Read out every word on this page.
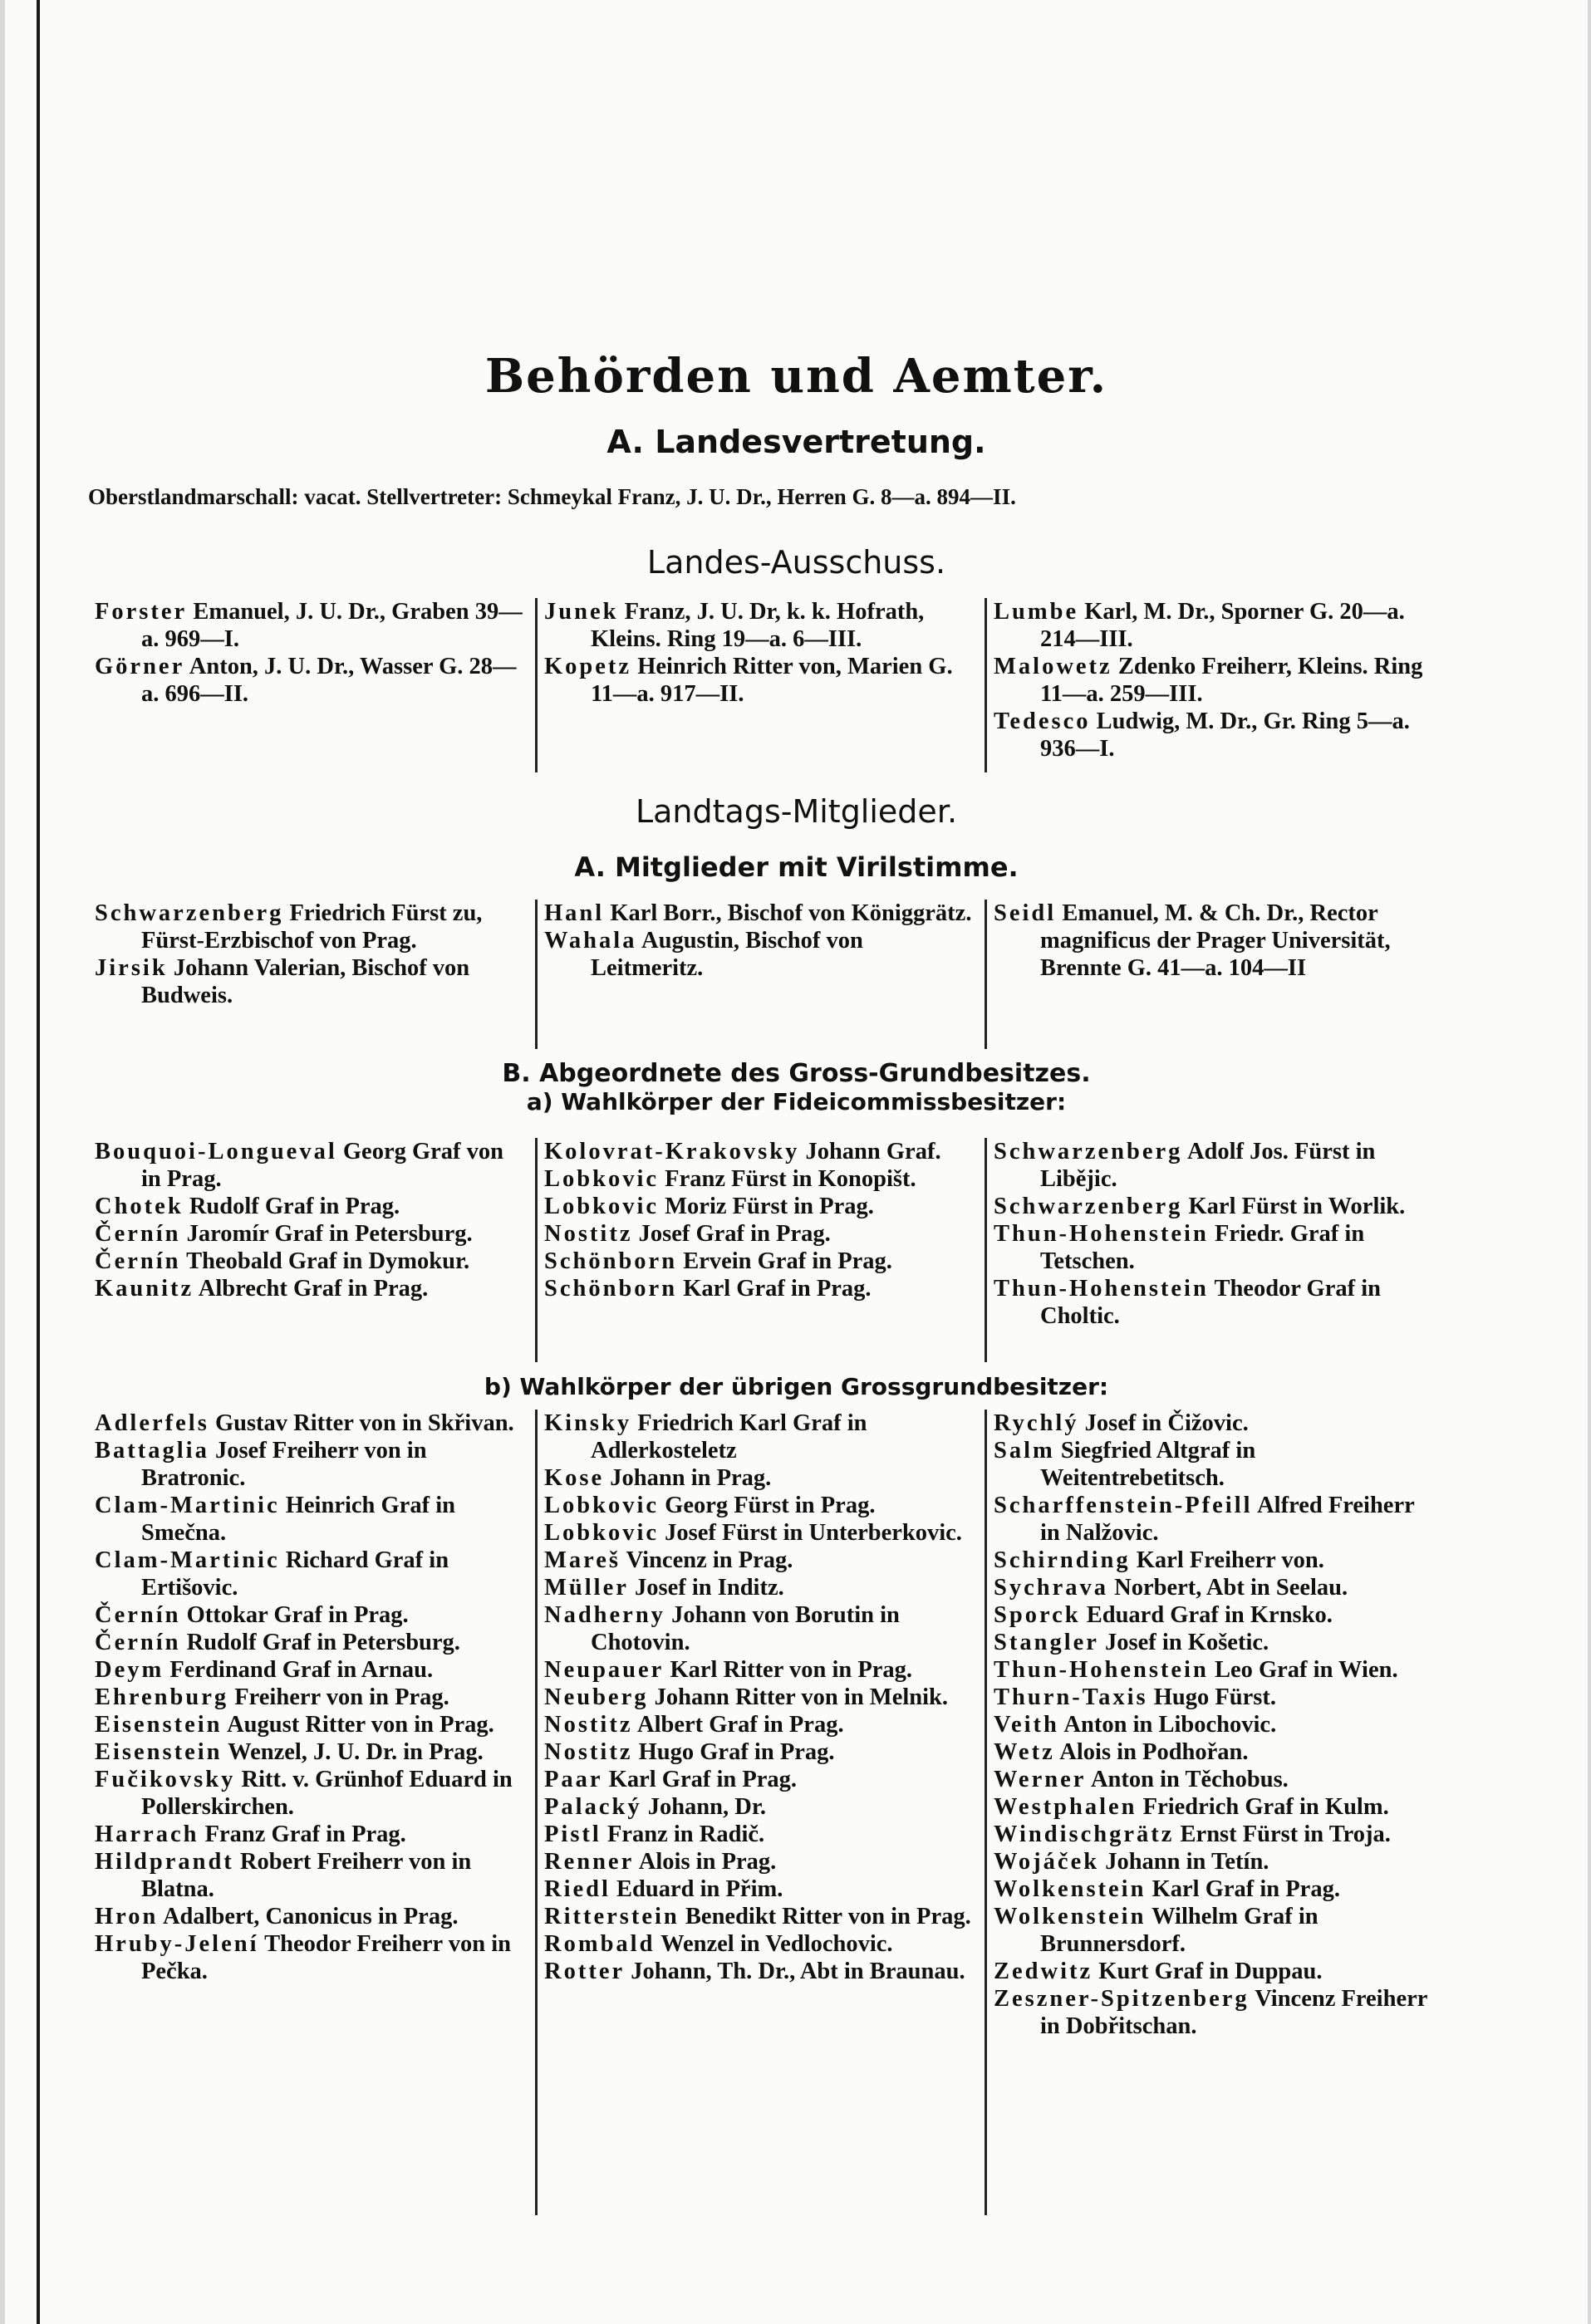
Behörden und Aemter.
A. Landesvertretung.
Oberstlandmarschall: vacat. Stellvertreter: Schmeykal Franz, J. U. Dr., Herren G. 8—a. 894—II.
Landes-Ausschuss.
Forster Emanuel, J. U. Dr., Graben 39—a. 969—I.
Görner Anton, J. U. Dr., Wasser G. 28—a. 696—II.
Junek Franz, J. U. Dr, k. k. Hofrath, Kleins. Ring 19—a. 6—III.
Kopetz Heinrich Ritter von, Marien G. 11—a. 917—II.
Lumbe Karl, M. Dr., Sporner G. 20—a. 214—III.
Malowetz Zdenko Freiherr, Kleins. Ring 11—a. 259—III.
Tedesco Ludwig, M. Dr., Gr. Ring 5—a. 936—I.
Landtags-Mitglieder.
A. Mitglieder mit Virilstimme.
Schwarzenberg Friedrich Fürst zu, Fürst-Erzbischof von Prag.
Jirsik Johann Valerian, Bischof von Budweis.
Hanl Karl Borr., Bischof von Königgrätz.
Wahala Augustin, Bischof von Leitmeritz.
Seidl Emanuel, M. & Ch. Dr., Rector magnificus der Prager Universität, Brennte G. 41—a. 104—II
B. Abgeordnete des Gross-Grundbesitzes.
a) Wahlkörper der Fideicommissbesitzer:
Bouquoi-Longueval Georg Graf von in Prag.
Chotek Rudolf Graf in Prag.
Černín Jaromír Graf in Petersburg.
Černín Theobald Graf in Dymokur.
Kaunitz Albrecht Graf in Prag.
Kolovrat-Krakovsky Johann Graf.
Lobkovic Franz Fürst in Konopišt.
Lobkovic Moriz Fürst in Prag.
Nostitz Josef Graf in Prag.
Schönborn Ervein Graf in Prag.
Schönborn Karl Graf in Prag.
Schwarzenberg Adolf Jos. Fürst in Libějic.
Schwarzenberg Karl Fürst in Worlik.
Thun-Hohenstein Friedr. Graf in Tetschen.
Thun-Hohenstein Theodor Graf in Choltic.
b) Wahlkörper der übrigen Grossgrundbesitzer:
Adlerfels Gustav Ritter von in Skřivan.
Battaglia Josef Freiherr von in Bratronic.
Clam-Martinic Heinrich Graf in Smečna.
Clam-Martinic Richard Graf in Ertišovic.
Černín Ottokar Graf in Prag.
Černín Rudolf Graf in Petersburg.
Deym Ferdinand Graf in Arnau.
Ehrenburg Freiherr von in Prag.
Eisenstein August Ritter von in Prag.
Eisenstein Wenzel, J. U. Dr. in Prag.
Fučikovsky Ritt. v. Grünhof Eduard in Pollerskirchen.
Harrach Franz Graf in Prag.
Hildprandt Robert Freiherr von in Blatna.
Hron Adalbert, Canonicus in Prag.
Hruby-Jelení Theodor Freiherr von in Pečka.
Kinsky Friedrich Karl Graf in Adlerkosteletz
Kose Johann in Prag.
Lobkovic Georg Fürst in Prag.
Lobkovic Josef Fürst in Unterberkovic.
Mareš Vincenz in Prag.
Müller Josef in Inditz.
Nadherny Johann von Borutin in Chotovin.
Neupauer Karl Ritter von in Prag.
Neuberg Johann Ritter von in Melnik.
Nostitz Albert Graf in Prag.
Nostitz Hugo Graf in Prag.
Paar Karl Graf in Prag.
Palacký Johann, Dr.
Pistl Franz in Radič.
Renner Alois in Prag.
Riedl Eduard in Přim.
Ritterstein Benedikt Ritter von in Prag.
Rombald Wenzel in Vedlochovic.
Rotter Johann, Th. Dr., Abt in Braunau.
Rychlý Josef in Čižovic.
Salm Siegfried Altgraf in Weitentrebetitsch.
Scharffenstein-Pfeill Alfred Freiherr in Nalžovic.
Schirnding Karl Freiherr von.
Sychrava Norbert, Abt in Seelau.
Sporck Eduard Graf in Krnsko.
Stangler Josef in Košetic.
Thun-Hohenstein Leo Graf in Wien.
Thurn-Taxis Hugo Fürst.
Veith Anton in Libochovic.
Wetz Alois in Podhořan.
Werner Anton in Těchobus.
Westphalen Friedrich Graf in Kulm.
Windischgrätz Ernst Fürst in Troja.
Wojáček Johann in Tetín.
Wolkenstein Karl Graf in Prag.
Wolkenstein Wilhelm Graf in Brunnersdorf.
Zedwitz Kurt Graf in Duppau.
Zeszner-Spitzenberg Vincenz Freiherr in Dobřitschan.
